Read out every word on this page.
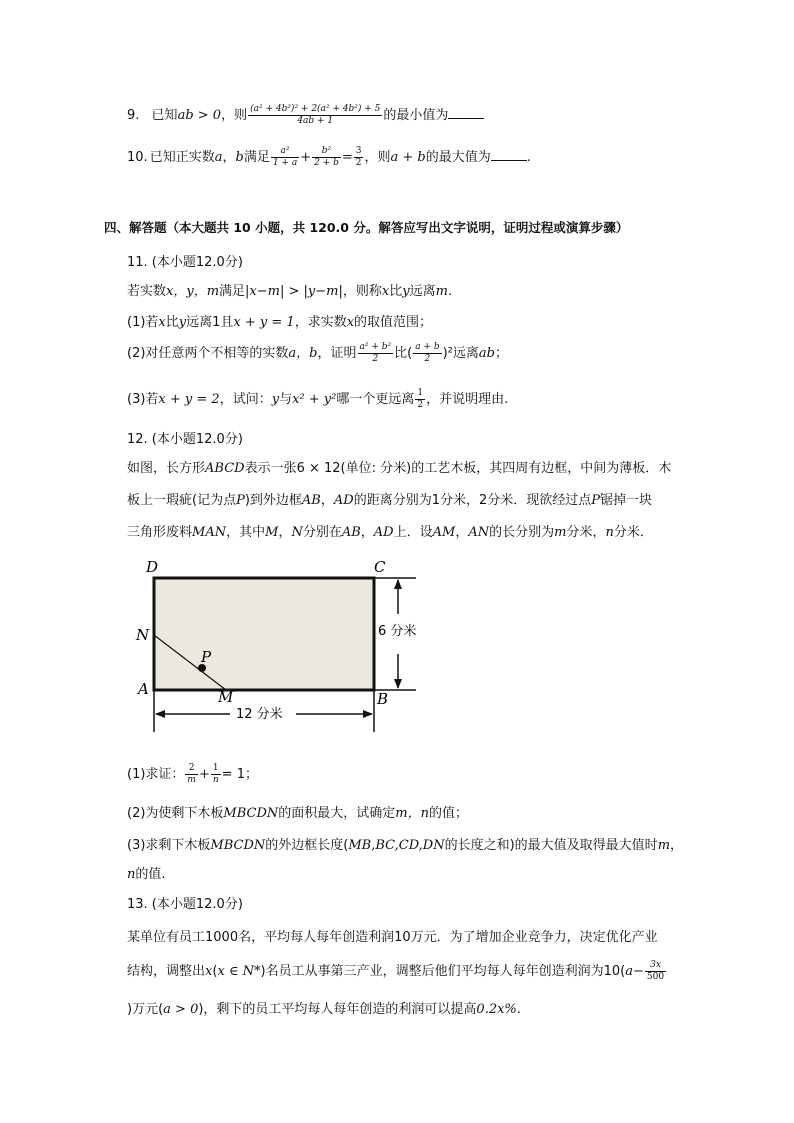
9. 已知ab > 0，则 $\frac{\text{(a² + 4b²)² + 2(a² + 4b²) + 5}}{4ab + 1}$ 的最小值为
10. 已知正实数a，b满足 $\frac{\text{a²}}{1 + a} + \frac{\text{b²}}{2 + b} = \frac{3}{2}$ ，则a + b的最大值为	.
四、解答题（本大题共 10 小题，共 120.0 分。解答应写出文字说明，证明过程或演算步骤）
11. (本小题12.0分)
若实数x，y，m满足|x−m| > |y−m|，则称x比y远离m.
(1)若x比y远离1且x + y = 1，求实数x的取值范围；
(2)对任意两个不相等的实数a，b，证明 $\frac{\text{a² + b²}}{2}$ 比( $\frac{a + b}{2} )^2$远离ab；
(3)若x + y = 2，试问：y与x² + y²哪一个更远离 $\frac{1}{2}$ ，并说明理由.
12. (本小题12.0分)
如图，长方形ABCD表示一张6 × 12(单位: 分米)的工艺木板，其四周有边框，中间为薄板．木
板上一瑕疵(记为点P)到外边框AB，AD的距离分别为1分米，2分米．现欲经过点P锯掉一块
三角形废料MAN，其中M，N分别在AB，AD上．设AM，AN的长分别为m分米，n分米．
D	C
N
P
A	M	B
6 分米
12 分米
(1)求证： $\frac{2}{m} + \frac{1}{n} = 1$；
(2)为使剩下木板MBCDN的面积最大，试确定m，n的值；
(3)求剩下木板MBCDN的外边框长度(MB,BC,CD,DN的长度之和)的最大值及取得最大值时m，
n的值.
13. (本小题12.0分)
某单位有员工1000名，平均每人每年创造利润10万元．为了增加企业竞争力，决定优化产业
结构，调整出x(x ∈ N*)名员工从事第三产业，调整后他们平均每人每年创造利润为$10(a- \frac{3x}{500}$
)万元(a > 0)，剩下的员工平均每人每年创造的利润可以提高0.2x%.
